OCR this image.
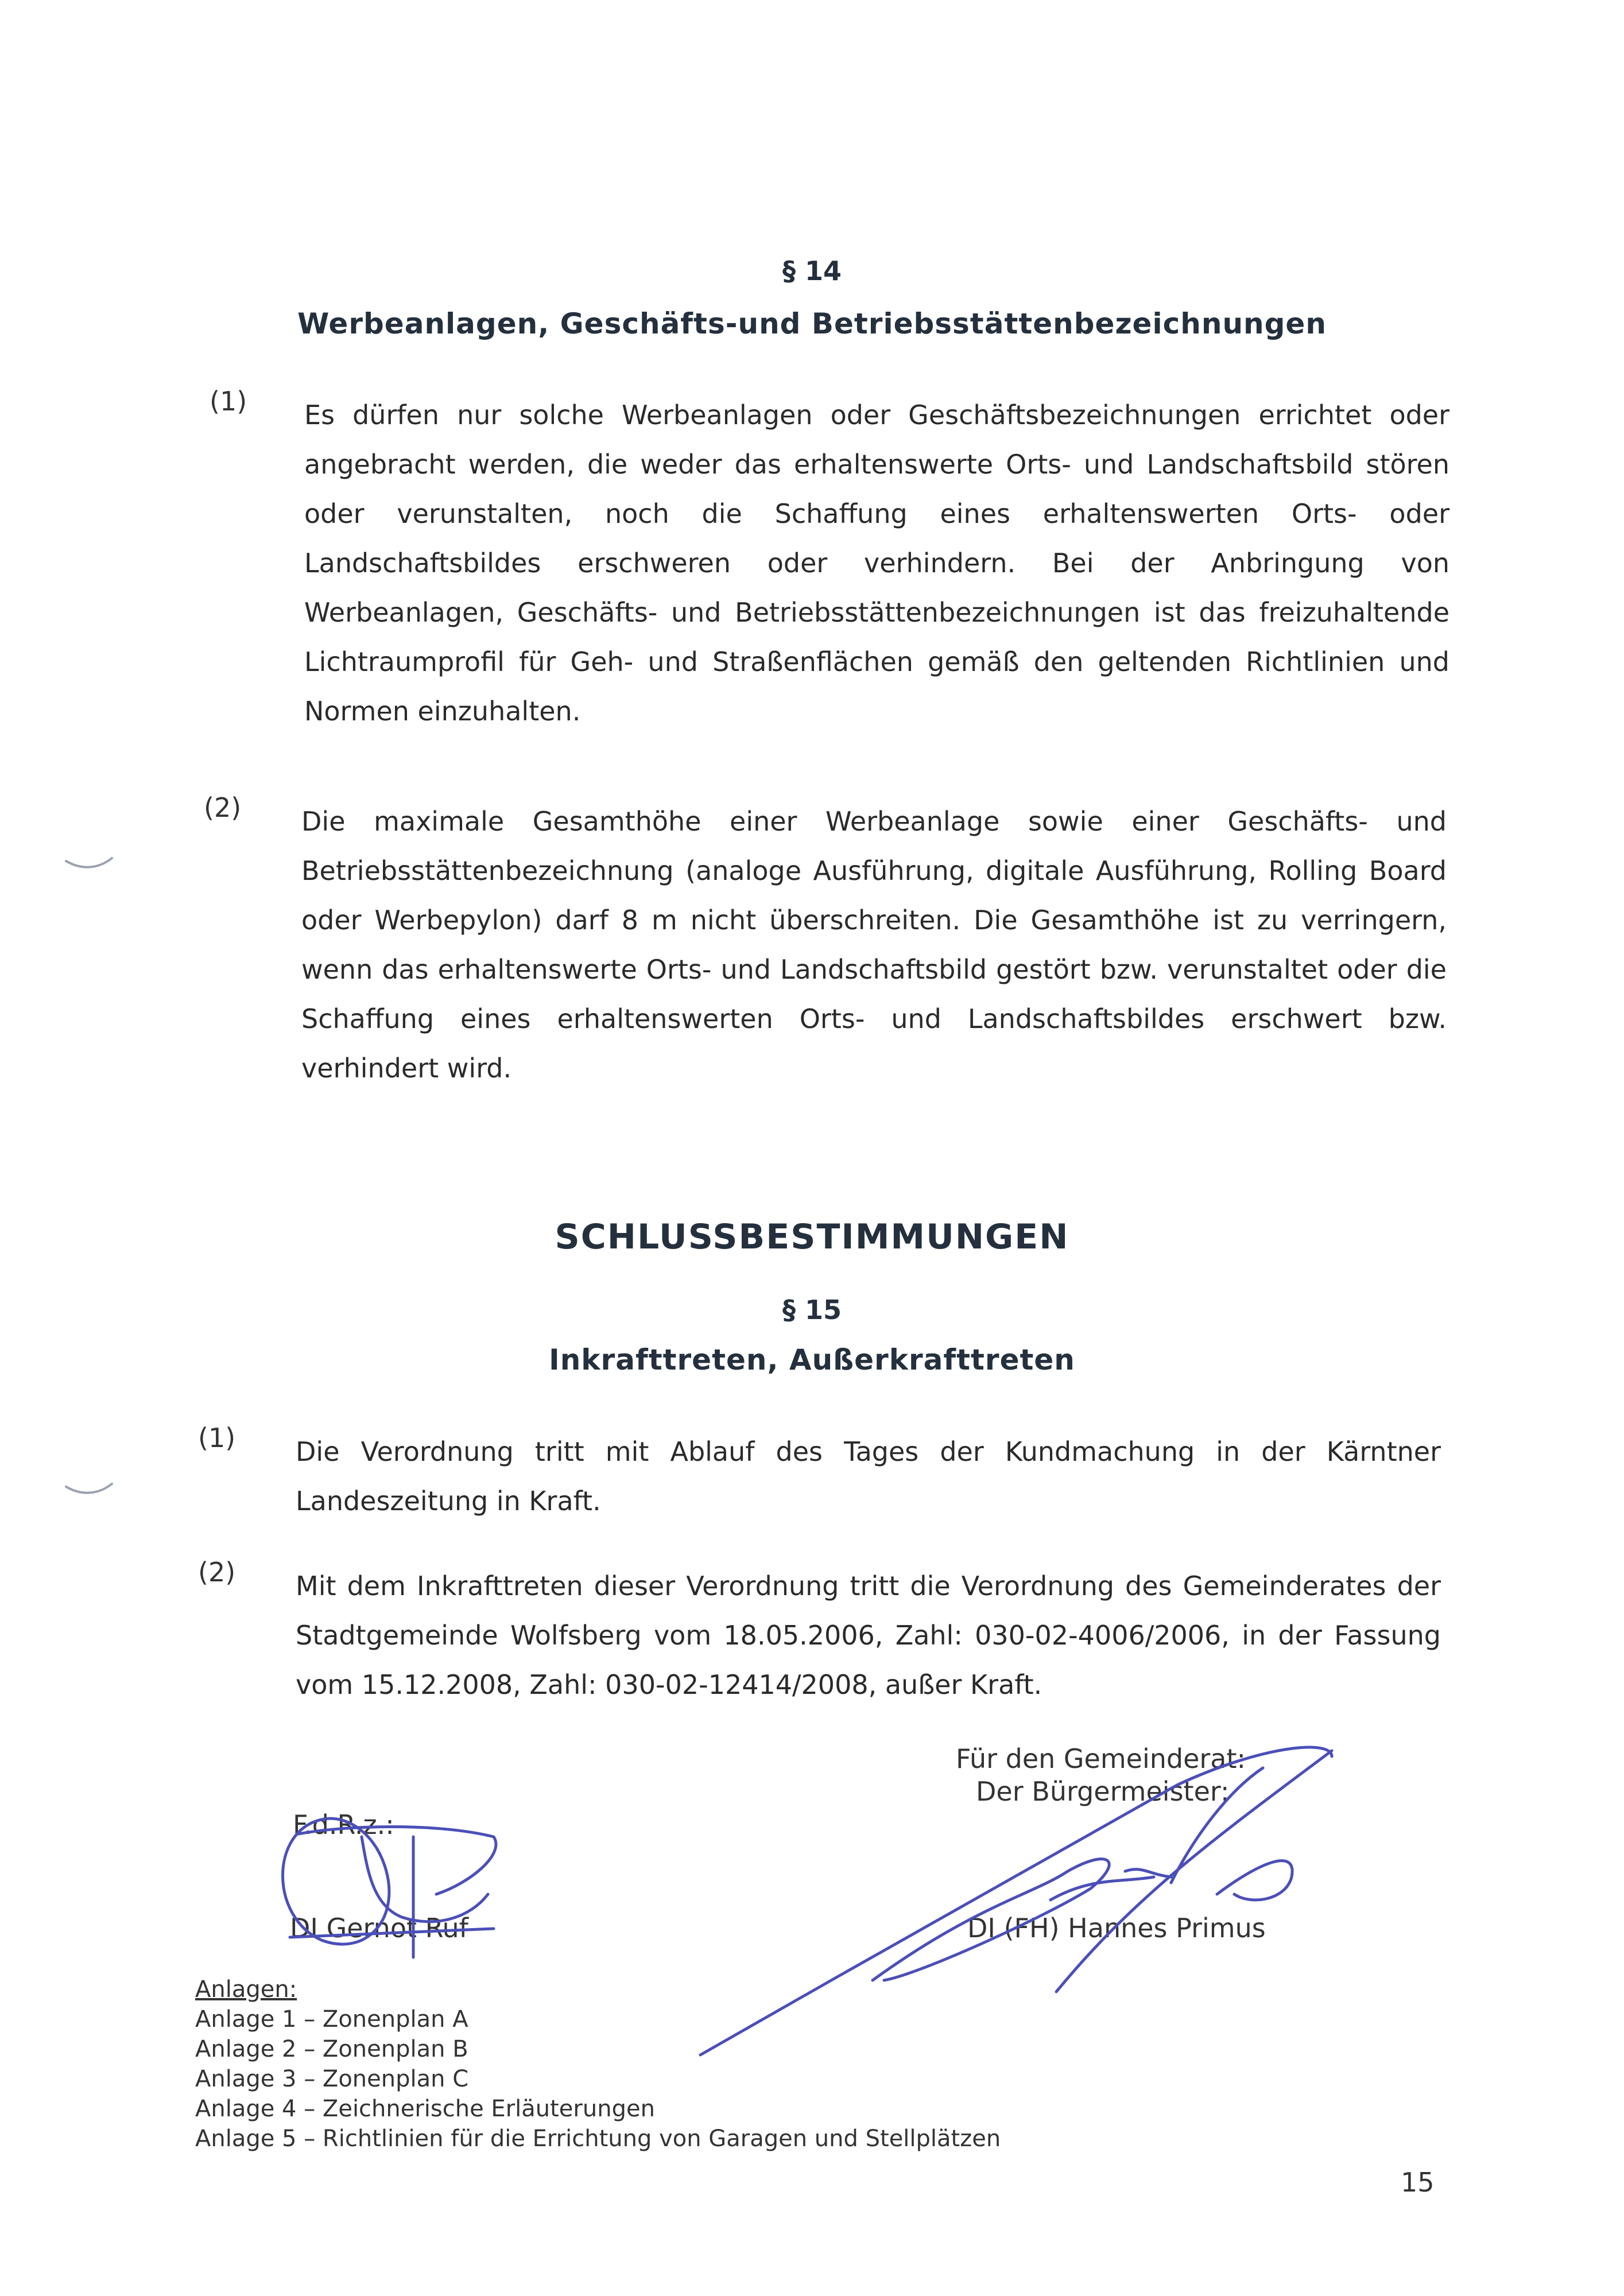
§ 14
Werbeanlagen, Geschäfts-und Betriebsstättenbezeichnungen
(1) Es dürfen nur solche Werbeanlagen oder Geschäftsbezeichnungen errichtet oder angebracht werden, die weder das erhaltenswerte Orts- und Landschaftsbild stören oder verunstalten, noch die Schaffung eines erhaltenswerten Orts- oder Landschaftsbildes erschweren oder verhindern. Bei der Anbringung von Werbeanlagen, Geschäfts- und Betriebsstättenbezeichnungen ist das freizuhaltende Lichtraumprofil für Geh- und Straßenflächen gemäß den geltenden Richtlinien und Normen einzuhalten.
(2) Die maximale Gesamthöhe einer Werbeanlage sowie einer Geschäfts- und Betriebsstättenbezeichnung (analoge Ausführung, digitale Ausführung, Rolling Board oder Werbepylon) darf 8 m nicht überschreiten. Die Gesamthöhe ist zu verringern, wenn das erhaltenswerte Orts- und Landschaftsbild gestört bzw. verunstaltet oder die Schaffung eines erhaltenswerten Orts- und Landschaftsbildes erschwert bzw. verhindert wird.
SCHLUSSBESTIMMUNGEN
§ 15
Inkrafttreten, Außerkrafttreten
(1) Die Verordnung tritt mit Ablauf des Tages der Kundmachung in der Kärntner Landeszeitung in Kraft.
(2) Mit dem Inkrafttreten dieser Verordnung tritt die Verordnung des Gemeinderates der Stadtgemeinde Wolfsberg vom 18.05.2006, Zahl: 030-02-4006/2006, in der Fassung vom 15.12.2008, Zahl: 030-02-12414/2008, außer Kraft.
F.d.R.z.:
DI Gernot Ruf
Für den Gemeinderat:
Der Bürgermeister:
DI (FH) Hannes Primus
Anlagen:
Anlage 1 – Zonenplan A
Anlage 2 – Zonenplan B
Anlage 3 – Zonenplan C
Anlage 4 – Zeichnerische Erläuterungen
Anlage 5 – Richtlinien für die Errichtung von Garagen und Stellplätzen
15
